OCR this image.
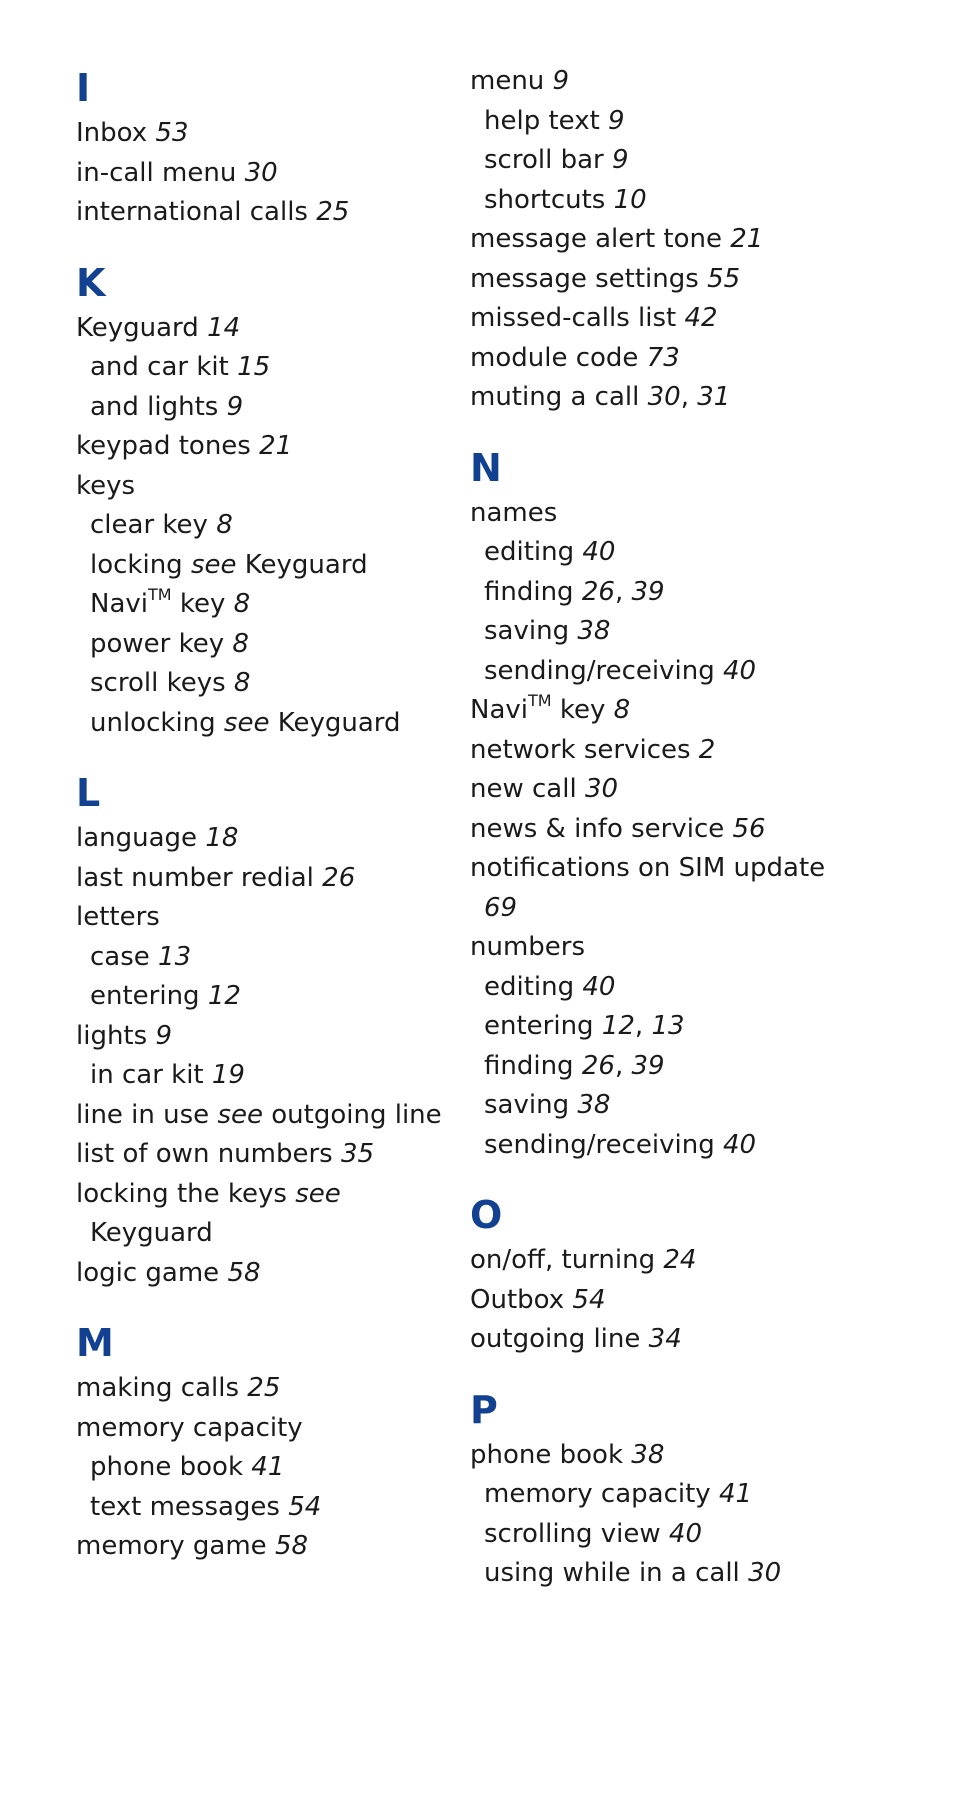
I
Inbox 53
in-call menu 30
international calls 25
K
Keyguard 14
and car kit 15
and lights 9
keypad tones 21
keys
clear key 8
locking see Keyguard
Navi™ key 8
power key 8
scroll keys 8
unlocking see Keyguard
L
language 18
last number redial 26
letters
case 13
entering 12
lights 9
in car kit 19
line in use see outgoing line
list of own numbers 35
locking the keys see
Keyguard
logic game 58
M
making calls 25
memory capacity
phone book 41
text messages 54
memory game 58
menu 9
help text 9
scroll bar 9
shortcuts 10
message alert tone 21
message settings 55
missed-calls list 42
module code 73
muting a call 30, 31
N
names
editing 40
finding 26, 39
saving 38
sending/receiving 40
Navi™ key 8
network services 2
new call 30
news & info service 56
notifications on SIM update
69
numbers
editing 40
entering 12, 13
finding 26, 39
saving 38
sending/receiving 40
O
on/off, turning 24
Outbox 54
outgoing line 34
P
phone book 38
memory capacity 41
scrolling view 40
using while in a call 30
